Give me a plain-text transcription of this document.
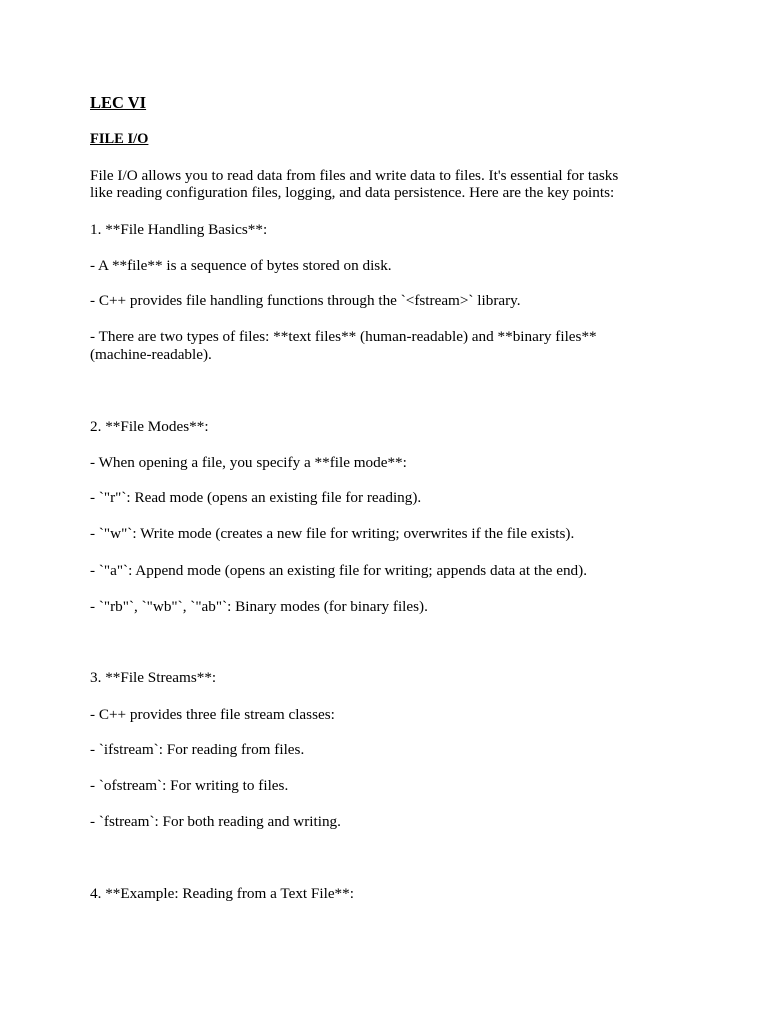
LEC VI
FILE I/O

File I/O allows you to read data from files and write data to files. It's essential for tasks

like reading configuration files, logging, and data persistence. Here are the key points:

1. **File Handling Basics**:

- A **file** is a sequence of bytes stored on disk.

- C++ provides file handling functions through the `<fstream>` library.

- There are two types of files: **text files** (human-readable) and **binary files**

(machine-readable).

2. **File Modes**:

- When opening a file, you specify a **file mode**:

- `"r"`: Read mode (opens an existing file for reading).

- `"w"`: Write mode (creates a new file for writing; overwrites if the file exists).

- `"a"`: Append mode (opens an existing file for writing; appends data at the end).

- `"rb"`, `"wb"`, `"ab"`: Binary modes (for binary files).

3. **File Streams**:

- C++ provides three file stream classes:

- `ifstream`: For reading from files.

- `ofstream`: For writing to files.

- `fstream`: For both reading and writing.

4. **Example: Reading from a Text File**:
